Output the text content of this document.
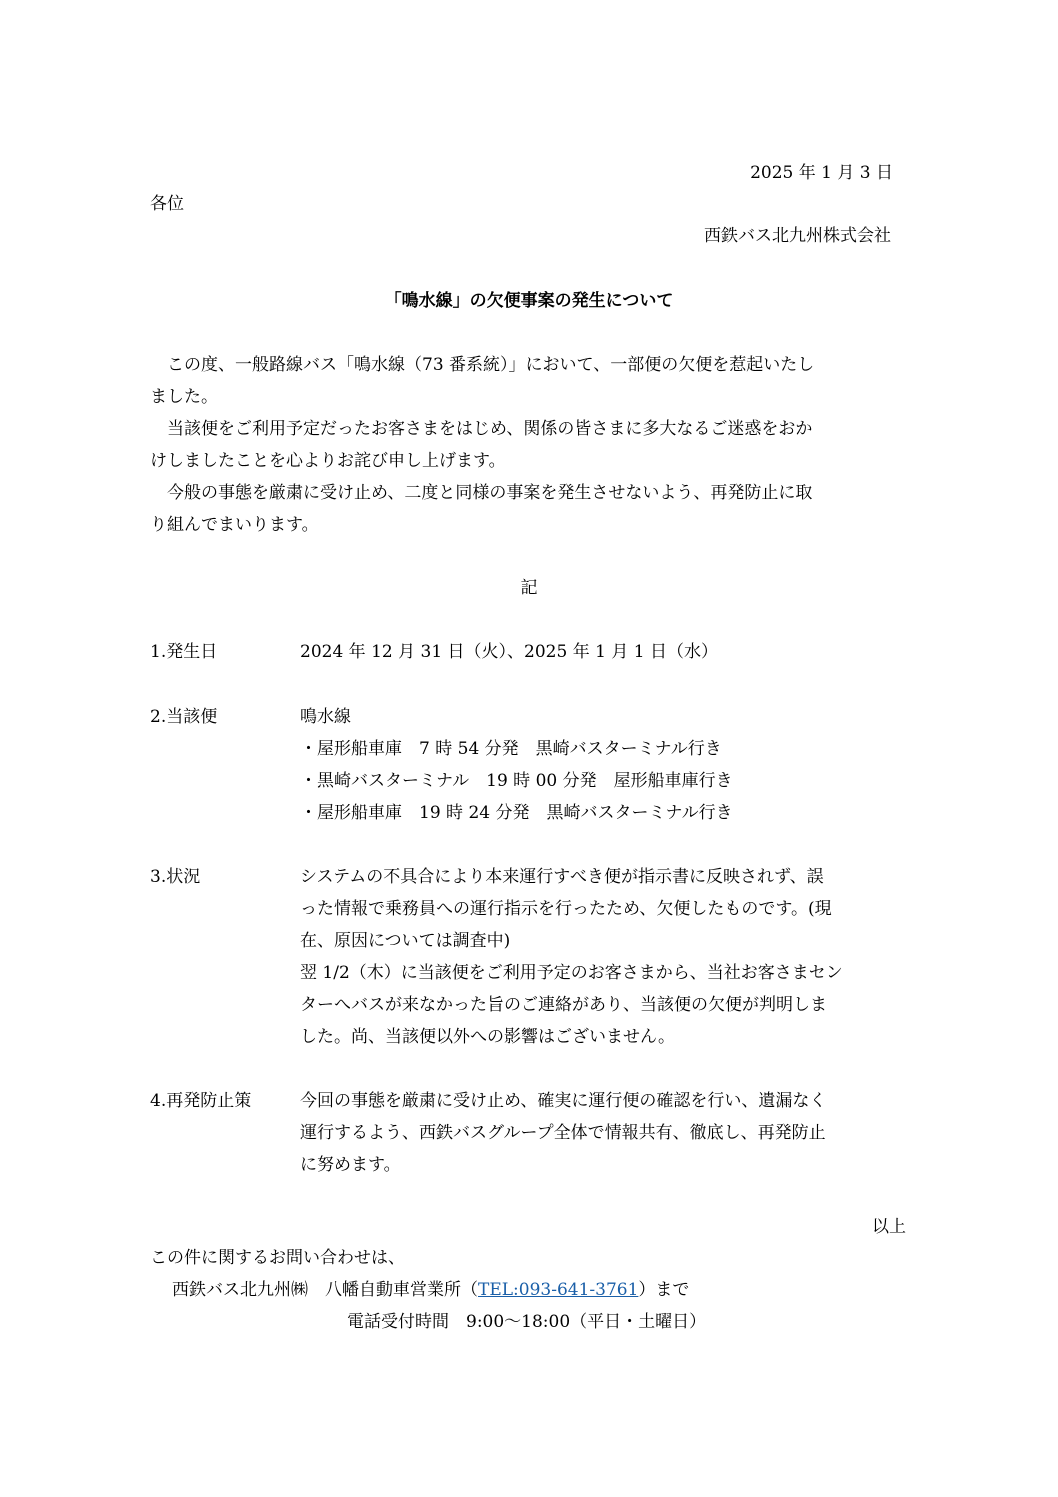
2025 年 1 月 3 日
各位
西鉄バス北九州株式会社
「鳴水線」の欠便事案の発生について
　この度、一般路線バス「鳴水線（73 番系統）」において、一部便の欠便を惹起いたし
ました。
　当該便をご利用予定だったお客さまをはじめ、関係の皆さまに多大なるご迷惑をおか
けしましたことを心よりお詫び申し上げます。
　今般の事態を厳粛に受け止め、二度と同様の事案を発生させないよう、再発防止に取
り組んでまいります。
記
1.発生日	2024 年 12 月 31 日（火）、2025 年 1 月 1 日（水）
2.当該便	鳴水線
・屋形船車庫　7 時 54 分発　黒崎バスターミナル行き
・黒崎バスターミナル　19 時 00 分発　屋形船車庫行き
・屋形船車庫　19 時 24 分発　黒崎バスターミナル行き
3.状況	システムの不具合により本来運行すべき便が指示書に反映されず、誤
った情報で乗務員への運行指示を行ったため、欠便したものです。(現
在、原因については調査中)
翌 1/2（木）に当該便をご利用予定のお客さまから、当社お客さまセン
ターへバスが来なかった旨のご連絡があり、当該便の欠便が判明しま
した。尚、当該便以外への影響はございません。
4.再発防止策	今回の事態を厳粛に受け止め、確実に運行便の確認を行い、遺漏なく
運行するよう、西鉄バスグループ全体で情報共有、徹底し、再発防止
に努めます。
以上
この件に関するお問い合わせは、
西鉄バス北九州㈱　八幡自動車営業所（TEL:093-641-3761）まで
電話受付時間　9:00～18:00（平日・土曜日）
